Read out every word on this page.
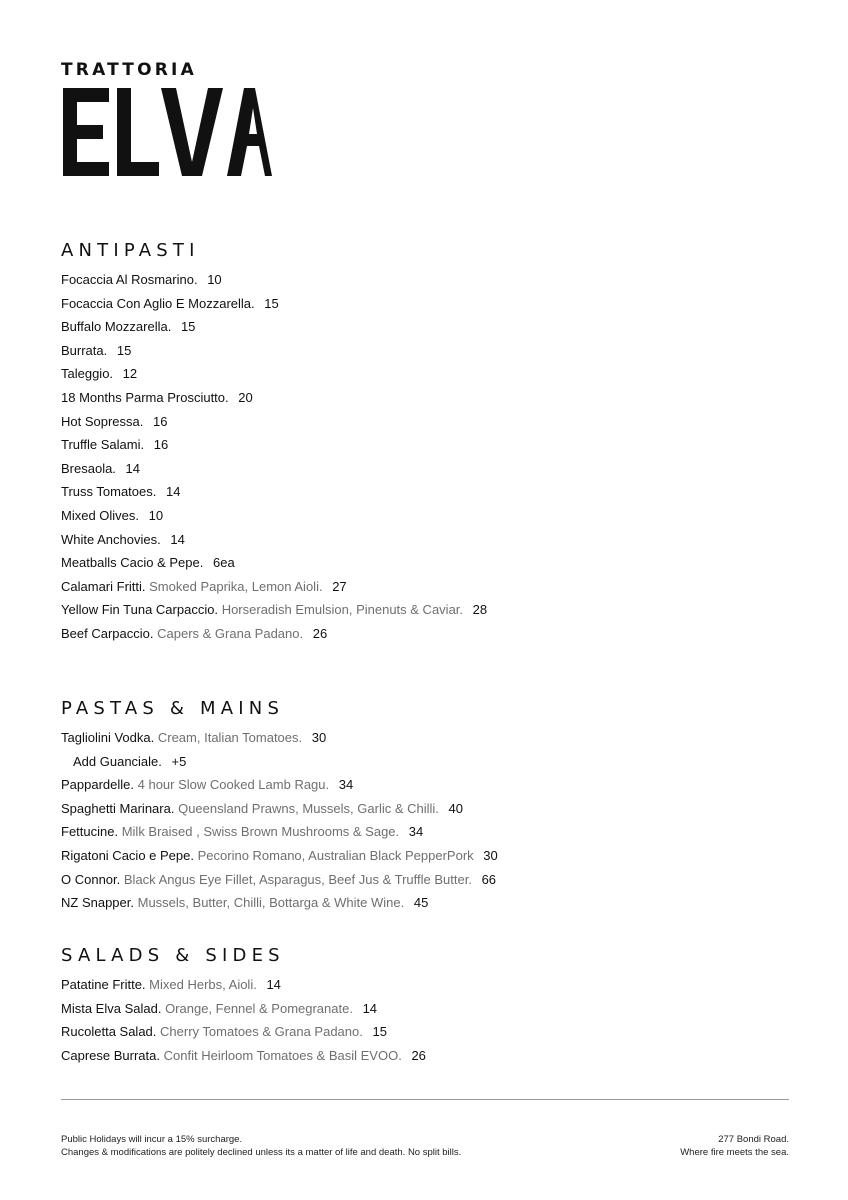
TRATTORIA
ANTIPASTI
Focaccia Al Rosmarino. 10
Focaccia Con Aglio E Mozzarella. 15
Buffalo Mozzarella. 15
Burrata. 15
Taleggio. 12
18 Months Parma Prosciutto. 20
Hot Sopressa. 16
Truffle Salami. 16
Bresaola. 14
Truss Tomatoes. 14
Mixed Olives. 10
White Anchovies. 14
Meatballs Cacio & Pepe. 6ea
Calamari Fritti. Smoked Paprika, Lemon Aioli. 27
Yellow Fin Tuna Carpaccio. Horseradish Emulsion, Pinenuts & Caviar. 28
Beef Carpaccio. Capers & Grana Padano. 26
PASTAS & MAINS
Tagliolini Vodka. Cream, Italian Tomatoes. 30
Add Guanciale. +5
Pappardelle. 4 hour Slow Cooked Lamb Ragu. 34
Spaghetti Marinara. Queensland Prawns, Mussels, Garlic & Chilli. 40
Fettucine. Milk Braised , Swiss Brown Mushrooms & Sage. 34
Rigatoni Cacio e Pepe. Pecorino Romano, Australian Black PepperPork 30
O Connor. Black Angus Eye Fillet, Asparagus, Beef Jus & Truffle Butter. 66
NZ Snapper. Mussels, Butter, Chilli, Bottarga & White Wine. 45
SALADS & SIDES
Patatine Fritte. Mixed Herbs, Aioli. 14
Mista Elva Salad. Orange, Fennel & Pomegranate. 14
Rucoletta Salad. Cherry Tomatoes & Grana Padano. 15
Caprese Burrata. Confit Heirloom Tomatoes & Basil EVOO. 26
Public Holidays will incur a 15% surcharge.
Changes & modifications are politely declined unless its a matter of life and death. No split bills.
277 Bondi Road.
Where fire meets the sea.
